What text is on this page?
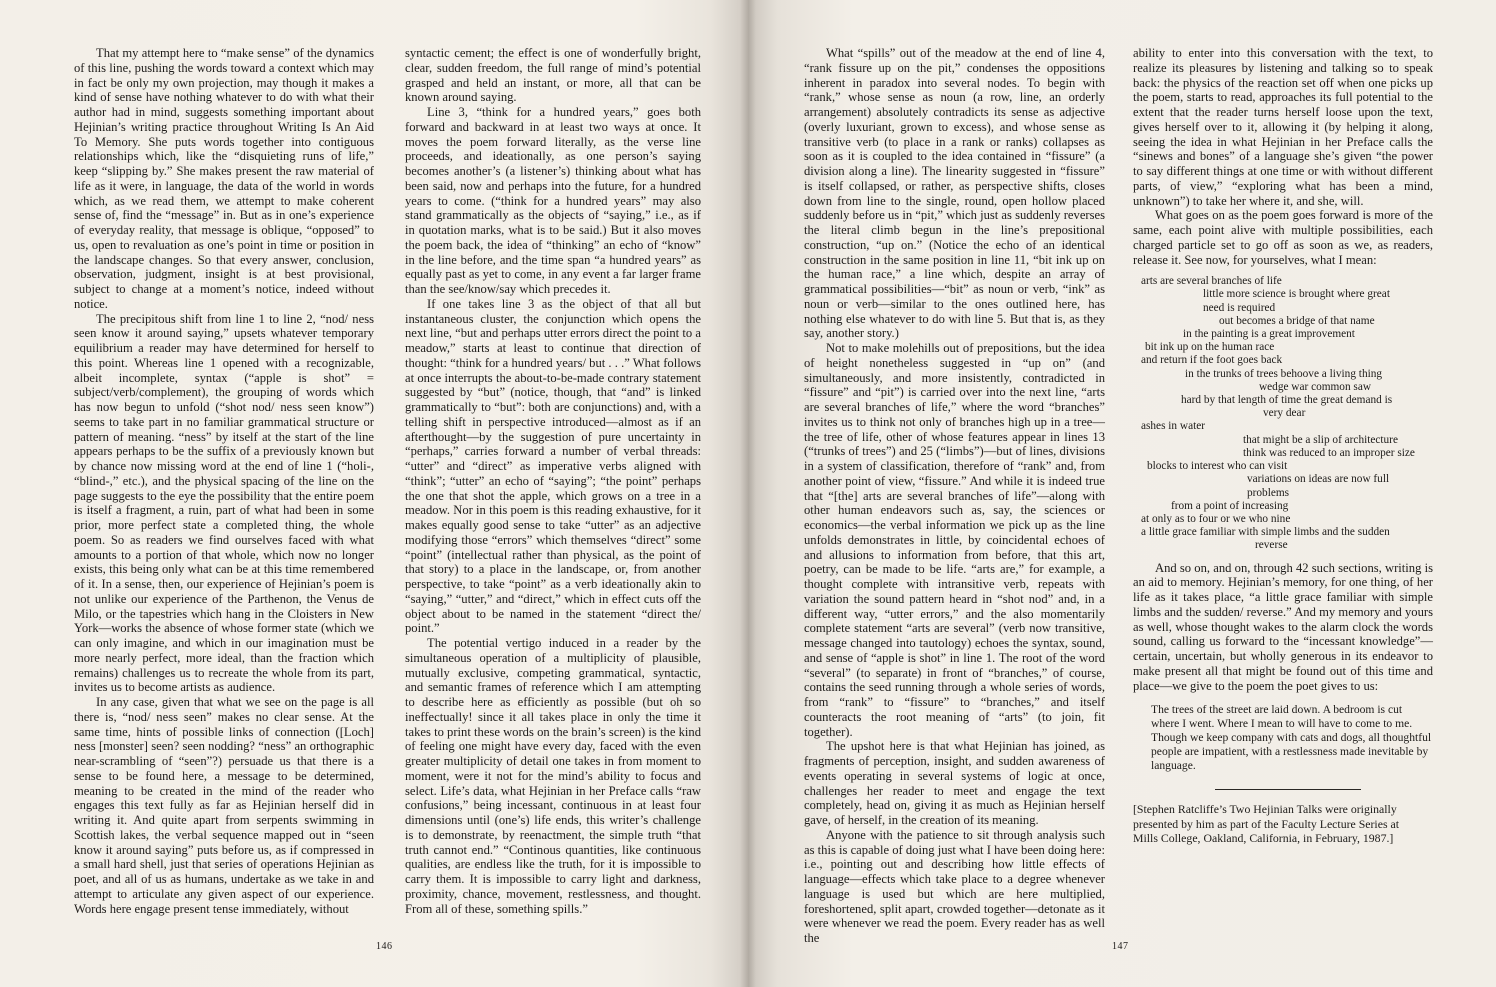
That my attempt here to “make sense” of the dynamics of this line, pushing the words toward a context which may in fact be only my own projection, may though it makes a kind of sense have nothing whatever to do with what their author had in mind, suggests something important about Hejinian’s writing practice throughout Writing Is An Aid To Memory. She puts words together into contiguous relationships which, like the “disquieting runs of life,” keep “slipping by.” She makes present the raw material of life as it were, in language, the data of the world in words which, as we read them, we attempt to make coherent sense of, find the “message” in. But as in one’s experience of everyday reality, that message is oblique, “opposed” to us, open to revaluation as one’s point in time or position in the landscape changes. So that every answer, conclusion, observation, judgment, insight is at best provisional, subject to change at a moment’s notice, indeed without notice.

The precipitous shift from line 1 to line 2, “nod/ ness seen know it around saying,” upsets whatever temporary equilibrium a reader may have determined for herself to this point. Whereas line 1 opened with a recognizable, albeit incomplete, syntax (“apple is shot” = subject/verb/complement), the grouping of words which has now begun to unfold (“shot nod/ ness seen know”) seems to take part in no familiar grammatical structure or pattern of meaning. “ness” by itself at the start of the line appears perhaps to be the suffix of a previously known but by chance now missing word at the end of line 1 (“holi-, “blind-,” etc.), and the physical spacing of the line on the page suggests to the eye the possibility that the entire poem is itself a fragment, a ruin, part of what had been in some prior, more perfect state a completed thing, the whole poem. So as readers we find ourselves faced with what amounts to a portion of that whole, which now no longer exists, this being only what can be at this time remembered of it. In a sense, then, our experience of Hejinian’s poem is not unlike our experience of the Parthenon, the Venus de Milo, or the tapestries which hang in the Cloisters in New York—works the absence of whose former state (which we can only imagine, and which in our imagination must be more nearly perfect, more ideal, than the fraction which remains) challenges us to recreate the whole from its part, invites us to become artists as audience.

In any case, given that what we see on the page is all there is, “nod/ ness seen” makes no clear sense. At the same time, hints of possible links of connection ([Loch] ness [monster] seen? seen nodding? “ness” an orthographic near-scrambling of “seen”?) persuade us that there is a sense to be found here, a message to be determined, meaning to be created in the mind of the reader who engages this text fully as far as Hejinian herself did in writing it. And quite apart from serpents swimming in Scottish lakes, the verbal sequence mapped out in “seen know it around saying” puts before us, as if compressed in a small hard shell, just that series of operations Hejinian as poet, and all of us as humans, undertake as we take in and attempt to articulate any given aspect of our experience. Words here engage present tense immediately, without

syntactic cement; the effect is one of wonderfully bright, clear, sudden freedom, the full range of mind’s potential grasped and held an instant, or more, all that can be known around saying.

Line 3, “think for a hundred years,” goes both forward and backward in at least two ways at once. It moves the poem forward literally, as the verse line proceeds, and ideationally, as one person’s saying becomes another’s (a listener’s) thinking about what has been said, now and perhaps into the future, for a hundred years to come. (“think for a hundred years” may also stand grammatically as the objects of “saying,” i.e., as if in quotation marks, what is to be said.) But it also moves the poem back, the idea of “thinking” an echo of “know” in the line before, and the time span “a hundred years” as equally past as yet to come, in any event a far larger frame than the see/know/say which precedes it.

If one takes line 3 as the object of that all but instantaneous cluster, the conjunction which opens the next line, “but and perhaps utter errors direct the point to a meadow,” starts at least to continue that direction of thought: “think for a hundred years/ but . . .” What follows at once interrupts the about-to-be-made contrary statement suggested by “but” (notice, though, that “and” is linked grammatically to “but”: both are conjunctions) and, with a telling shift in perspective introduced—almost as if an afterthought—by the suggestion of pure uncertainty in “perhaps,” carries forward a number of verbal threads: “utter” and “direct” as imperative verbs aligned with “think”; “utter” an echo of “saying”; “the point” perhaps the one that shot the apple, which grows on a tree in a meadow. Nor in this poem is this reading exhaustive, for it makes equally good sense to take “utter” as an adjective modifying those “errors” which themselves “direct” some “point” (intellectual rather than physical, as the point of that story) to a place in the landscape, or, from another perspective, to take “point” as a verb ideationally akin to “saying,” “utter,” and “direct,” which in effect cuts off the object about to be named in the statement “direct the/ point.”

The potential vertigo induced in a reader by the simultaneous operation of a multiplicity of plausible, mutually exclusive, competing grammatical, syntactic, and semantic frames of reference which I am attempting to describe here as efficiently as possible (but oh so ineffectually! since it all takes place in only the time it takes to print these words on the brain’s screen) is the kind of feeling one might have every day, faced with the even greater multiplicity of detail one takes in from moment to moment, were it not for the mind’s ability to focus and select. Life’s data, what Hejinian in her Preface calls “raw confusions,” being incessant, continuous in at least four dimensions until (one’s) life ends, this writer’s challenge is to demonstrate, by reenactment, the simple truth “that truth cannot end.” “Continous quantities, like continuous qualities, are endless like the truth, for it is impossible to carry them. It is impossible to carry light and darkness, proximity, chance, movement, restlessness, and thought. From all of these, something spills.”

146

What “spills” out of the meadow at the end of line 4, “rank fissure up on the pit,” condenses the oppositions inherent in paradox into several nodes. To begin with “rank,” whose sense as noun (a row, line, an orderly arrangement) absolutely contradicts its sense as adjective (overly luxuriant, grown to excess), and whose sense as transitive verb (to place in a rank or ranks) collapses as soon as it is coupled to the idea contained in “fissure” (a division along a line). The linearity suggested in “fissure” is itself collapsed, or rather, as perspective shifts, closes down from line to the single, round, open hollow placed suddenly before us in “pit,” which just as suddenly reverses the literal climb begun in the line’s prepositional construction, “up on.” (Notice the echo of an identical construction in the same position in line 11, “bit ink up on the human race,” a line which, despite an array of grammatical possibilities—“bit” as noun or verb, “ink” as noun or verb—similar to the ones outlined here, has nothing else whatever to do with line 5. But that is, as they say, another story.)

Not to make molehills out of prepositions, but the idea of height nonetheless suggested in “up on” (and simultaneously, and more insistently, contradicted in “fissure” and “pit”) is carried over into the next line, “arts are several branches of life,” where the word “branches” invites us to think not only of branches high up in a tree—the tree of life, other of whose features appear in lines 13 (“trunks of trees”) and 25 (“limbs”)—but of lines, divisions in a system of classification, therefore of “rank” and, from another point of view, “fissure.” And while it is indeed true that “[the] arts are several branches of life”—along with other human endeavors such as, say, the sciences or economics—the verbal information we pick up as the line unfolds demonstrates in little, by coincidental echoes of and allusions to information from before, that this art, poetry, can be made to be life. “arts are,” for example, a thought complete with intransitive verb, repeats with variation the sound pattern heard in “shot nod” and, in a different way, “utter errors,” and the also momentarily complete statement “arts are several” (verb now transitive, message changed into tautology) echoes the syntax, sound, and sense of “apple is shot” in line 1. The root of the word “several” (to separate) in front of “branches,” of course, contains the seed running through a whole series of words, from “rank” to “fissure” to “branches,” and itself counteracts the root meaning of “arts” (to join, fit together).

The upshot here is that what Hejinian has joined, as fragments of perception, insight, and sudden awareness of events operating in several systems of logic at once, challenges her reader to meet and engage the text completely, head on, giving it as much as Hejinian herself gave, of herself, in the creation of its meaning.

Anyone with the patience to sit through analysis such as this is capable of doing just what I have been doing here: i.e., pointing out and describing how little effects of language—effects which take place to a degree whenever language is used but which are here multiplied, foreshortened, split apart, crowded together—detonate as it were whenever we read the poem. Every reader has as well the

ability to enter into this conversation with the text, to realize its pleasures by listening and talking so to speak back: the physics of the reaction set off when one picks up the poem, starts to read, approaches its full potential to the extent that the reader turns herself loose upon the text, gives herself over to it, allowing it (by helping it along, seeing the idea in what Hejinian in her Preface calls the “sinews and bones” of a language she’s given “the power to say different things at one time or with without different parts, of view,” “exploring what has been a mind, unknown”) to take her where it, and she, will.

What goes on as the poem goes forward is more of the same, each point alive with multiple possibilities, each charged particle set to go off as soon as we, as readers, release it. See now, for yourselves, what I mean:

arts are several branches of life
little more science is brought where great
need is required
out becomes a bridge of that name
in the painting is a great improvement
bit ink up on the human race
and return if the foot goes back
in the trunks of trees behoove a living thing
wedge war common saw
hard by that length of time the great demand is
very dear
ashes in water
that might be a slip of architecture
think was reduced to an improper size
blocks to interest who can visit
variations on ideas are now full
problems
from a point of increasing
at only as to four or we who nine
a little grace familiar with simple limbs and the sudden
reverse

And so on, and on, through 42 such sections, writing is an aid to memory. Hejinian’s memory, for one thing, of her life as it takes place, “a little grace familiar with simple limbs and the sudden/ reverse.” And my memory and yours as well, whose thought wakes to the alarm clock the words sound, calling us forward to the “incessant knowledge”—certain, uncertain, but wholly generous in its endeavor to make present all that might be found out of this time and place—we give to the poem the poet gives to us:

The trees of the street are laid down. A bedroom is cut where I went. Where I mean to will have to come to me. Though we keep company with cats and dogs, all thoughtful people are impatient, with a restlessness made inevitable by language.
[Stephen Ratcliffe’s Two Hejinian Talks were originally presented by him as part of the Faculty Lecture Series at Mills College, Oakland, California, in February, 1987.]
147
